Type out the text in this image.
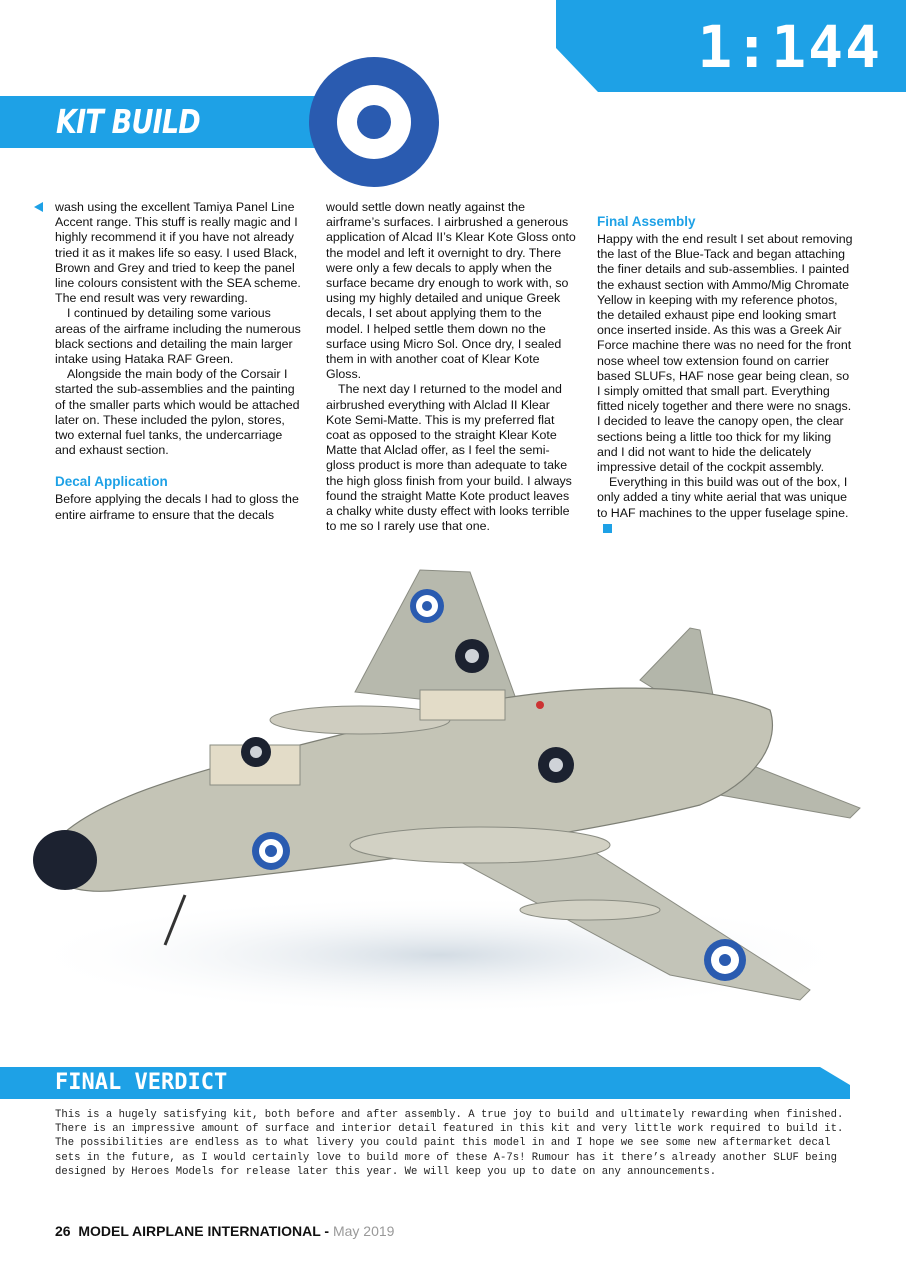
1:144
KIT BUILD

wash using the excellent Tamiya Panel Line Accent range. This stuff is really magic and I highly recommend it if you have not already tried it as it makes life so easy. I used Black, Brown and Grey and tried to keep the panel line colours consistent with the SEA scheme. The end result was very rewarding.

I continued by detailing some various areas of the airframe including the numerous black sections and detailing the main larger intake using Hataka RAF Green.

Alongside the main body of the Corsair I started the sub-assemblies and the painting of the smaller parts which would be attached later on. These included the pylon, stores, two external fuel tanks, the undercarriage and exhaust section.

Decal Application

Before applying the decals I had to gloss the entire airframe to ensure that the decals

would settle down neatly against the airframe’s surfaces. I airbrushed a generous application of Alcad II’s Klear Kote Gloss onto the model and left it overnight to dry. There were only a few decals to apply when the surface became dry enough to work with, so using my highly detailed and unique Greek decals, I set about applying them to the model. I helped settle them down no the surface using Micro Sol. Once dry, I sealed them in with another coat of Klear Kote Gloss.

The next day I returned to the model and airbrushed everything with Alclad II Klear Kote Semi-Matte. This is my preferred flat coat as opposed to the straight Klear Kote Matte that Alclad offer, as I feel the semi-gloss product is more than adequate to take the high gloss finish from your build. I always found the straight Matte Kote product leaves a chalky white dusty effect with looks terrible to me so I rarely use that one.

Final Assembly

Happy with the end result I set about removing the last of the Blue-Tack and began attaching the finer details and sub-assemblies. I painted the exhaust section with Ammo/Mig Chromate Yellow in keeping with my reference photos, the detailed exhaust pipe end looking smart once inserted inside. As this was a Greek Air Force machine there was no need for the front nose wheel tow extension found on carrier based SLUFs, HAF nose gear being clean, so I simply omitted that small part. Everything fitted nicely together and there were no snags. I decided to leave the canopy open, the clear sections being a little too thick for my liking and I did not want to hide the delicately impressive detail of the cockpit assembly.

Everything in this build was out of the box, I only added a tiny white aerial that was unique to HAF machines to the upper fuselage spine.

FINAL VERDICT
This is a hugely satisfying kit, both before and after assembly. A true joy to build and ultimately rewarding when finished. There is an impressive amount of surface and interior detail featured in this kit and very little work required to build it. The possibilities are endless as to what livery you could paint this model in and I hope we see some new aftermarket decal sets in the future, as I would certainly love to build more of these A-7s! Rumour has it there’s already another SLUF being designed by Heroes Models for release later this year. We will keep you up to date on any announcements.
26 MODEL AIRPLANE INTERNATIONAL - May 2019
